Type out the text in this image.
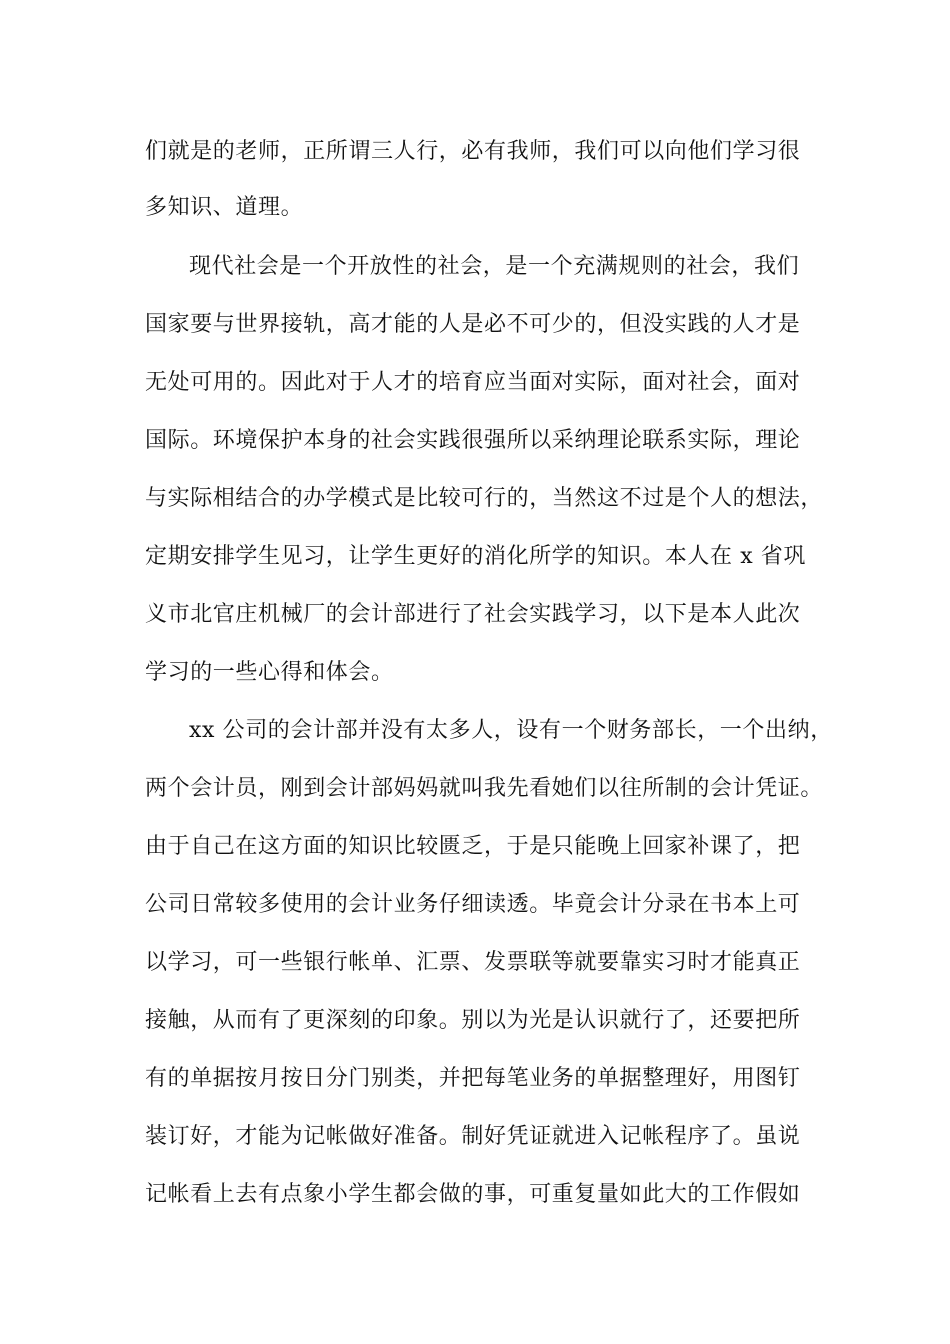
们就是的老师，正所谓三人行，必有我师，我们可以向他们学习很
多知识、道理。
现代社会是一个开放性的社会，是一个充满规则的社会，我们
国家要与世界接轨，高才能的人是必不可少的，但没实践的人才是
无处可用的。因此对于人才的培育应当面对实际，面对社会，面对
国际。环境保护本身的社会实践很强所以采纳理论联系实际，理论
与实际相结合的办学模式是比较可行的，当然这不过是个人的想法，
定期安排学生见习，让学生更好的消化所学的知识。本人在 x 省巩
义市北官庄机械厂的会计部进行了社会实践学习，以下是本人此次
学习的一些心得和体会。
xx 公司的会计部并没有太多人，设有一个财务部长，一个出纳，
两个会计员，刚到会计部妈妈就叫我先看她们以往所制的会计凭证。
由于自己在这方面的知识比较匮乏，于是只能晚上回家补课了，把
公司日常较多使用的会计业务仔细读透。毕竟会计分录在书本上可
以学习，可一些银行帐单、汇票、发票联等就要靠实习时才能真正
接触，从而有了更深刻的印象。别以为光是认识就行了，还要把所
有的单据按月按日分门别类，并把每笔业务的单据整理好，用图钉
装订好，才能为记帐做好准备。制好凭证就进入记帐程序了。虽说
记帐看上去有点象小学生都会做的事，可重复量如此大的工作假如
